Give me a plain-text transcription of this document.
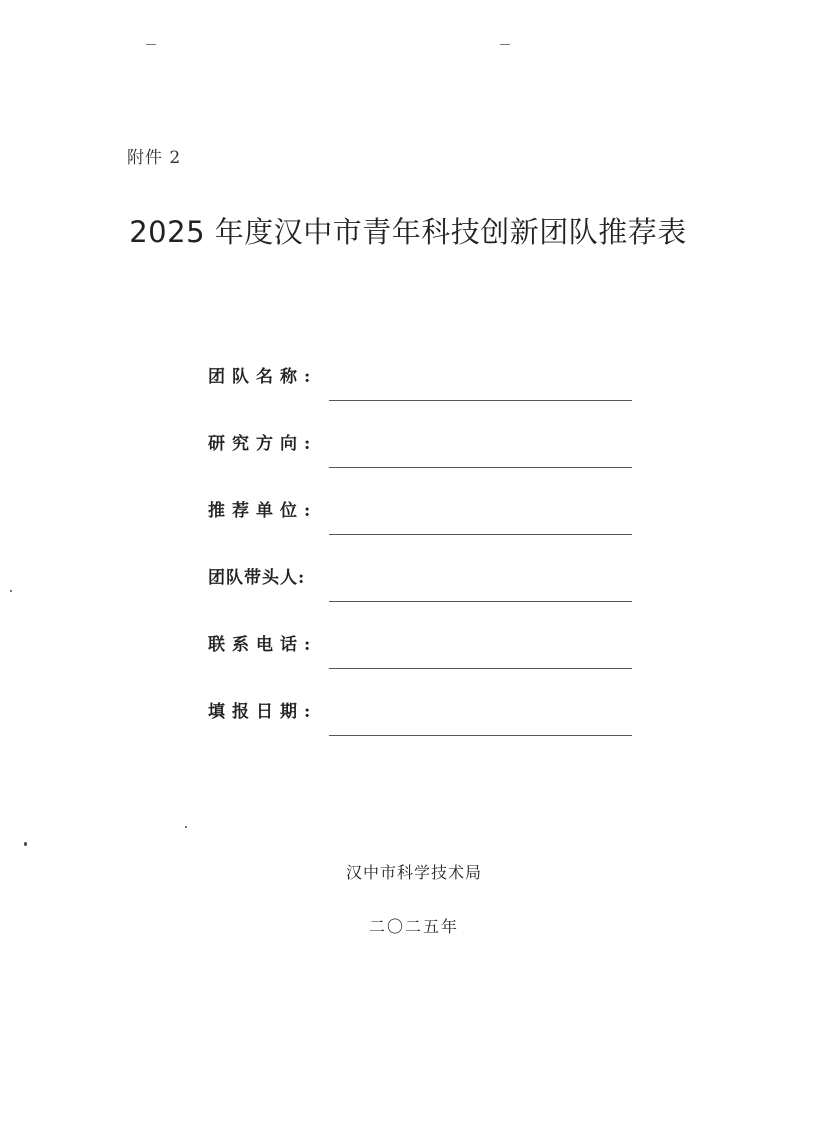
附件 2
2025 年度汉中市青年科技创新团队推荐表
团队名称:
研究方向:
推荐单位:
团队带头人:
联系电话:
填报日期:
汉中市科学技术局
二〇二五年
